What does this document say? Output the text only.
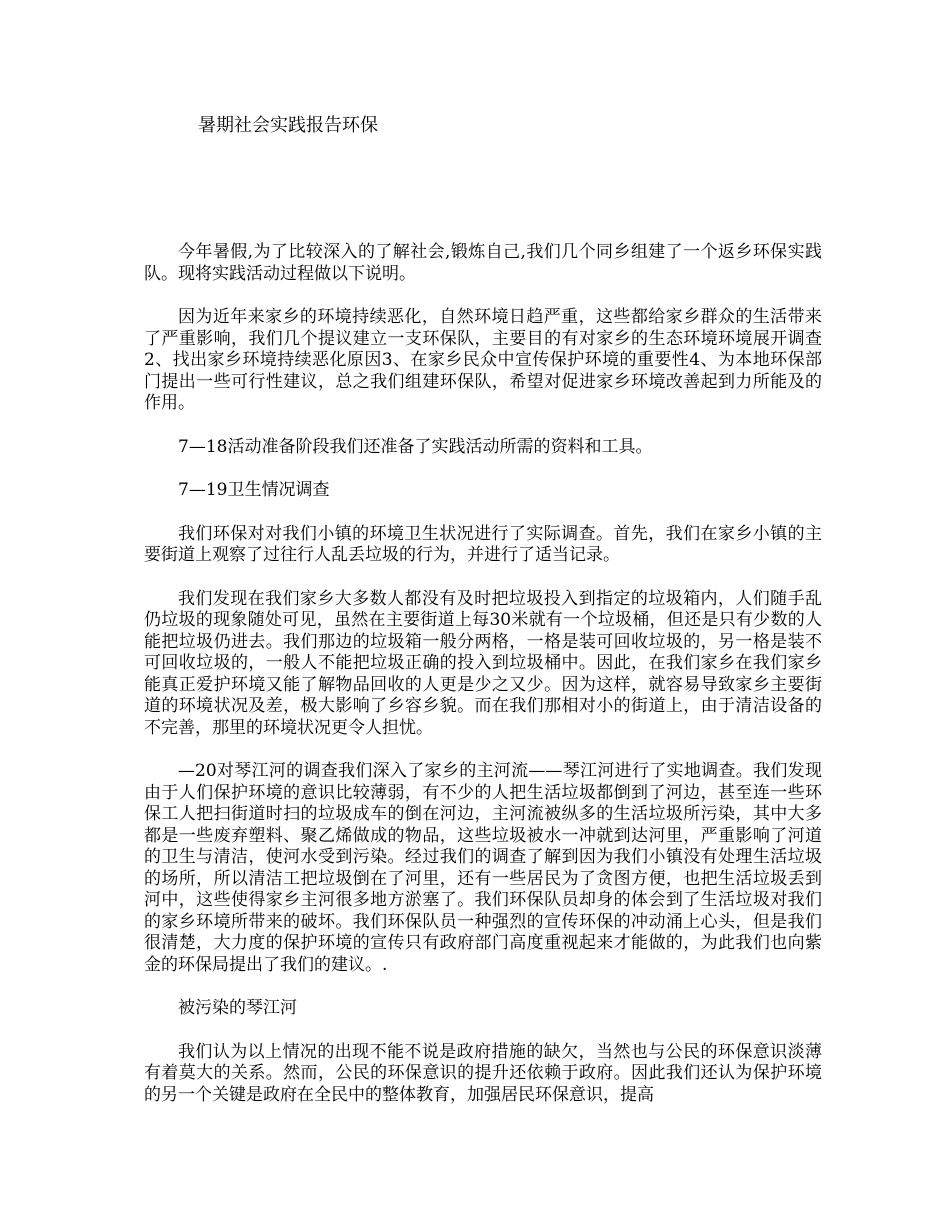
暑期社会实践报告环保

今年暑假,为了比较深入的了解社会,锻炼自己,我们几个同乡组建了一个返乡环保实践队。现将实践活动过程做以下说明。

因为近年来家乡的环境持续恶化，自然环境日趋严重，这些都给家乡群众的生活带来了严重影响，我们几个提议建立一支环保队，主要目的有对家乡的生态环境环境展开调查2、找出家乡环境持续恶化原因3、在家乡民众中宣传保护环境的重要性4、为本地环保部门提出一些可行性建议，总之我们组建环保队，希望对促进家乡环境改善起到力所能及的作用。

7—18活动准备阶段我们还准备了实践活动所需的资料和工具。

7—19卫生情况调查

我们环保对对我们小镇的环境卫生状况进行了实际调查。首先，我们在家乡小镇的主要街道上观察了过往行人乱丢垃圾的行为，并进行了适当记录。

我们发现在我们家乡大多数人都没有及时把垃圾投入到指定的垃圾箱内，人们随手乱仍垃圾的现象随处可见，虽然在主要街道上每30米就有一个垃圾桶，但还是只有少数的人能把垃圾仍进去。我们那边的垃圾箱一般分两格，一格是装可回收垃圾的，另一格是装不可回收垃圾的，一般人不能把垃圾正确的投入到垃圾桶中。因此，在我们家乡在我们家乡能真正爱护环境又能了解物品回收的人更是少之又少。因为这样，就容易导致家乡主要街道的环境状况及差，极大影响了乡容乡貌。而在我们那相对小的街道上，由于清洁设备的不完善，那里的环境状况更令人担忧。

—20对琴江河的调查我们深入了家乡的主河流——琴江河进行了实地调查。我们发现由于人们保护环境的意识比较薄弱，有不少的人把生活垃圾都倒到了河边，甚至连一些环保工人把扫街道时扫的垃圾成车的倒在河边，主河流被纵多的生活垃圾所污染，其中大多都是一些废弃塑料、聚乙烯做成的物品，这些垃圾被水一冲就到达河里，严重影响了河道的卫生与清洁，使河水受到污染。经过我们的调查了解到因为我们小镇没有处理生活垃圾的场所，所以清洁工把垃圾倒在了河里，还有一些居民为了贪图方便，也把生活垃圾丢到河中，这些使得家乡主河很多地方淤塞了。我们环保队员却身的体会到了生活垃圾对我们的家乡环境所带来的破坏。我们环保队员一种强烈的宣传环保的冲动涌上心头，但是我们很清楚，大力度的保护环境的宣传只有政府部门高度重视起来才能做的，为此我们也向紫金的环保局提出了我们的建议。.

被污染的琴江河

我们认为以上情况的出现不能不说是政府措施的缺欠，当然也与公民的环保意识淡薄有着莫大的关系。然而，公民的环保意识的提升还依赖于政府。因此我们还认为保护环境的另一个关键是政府在全民中的整体教育，加强居民环保意识，提高
